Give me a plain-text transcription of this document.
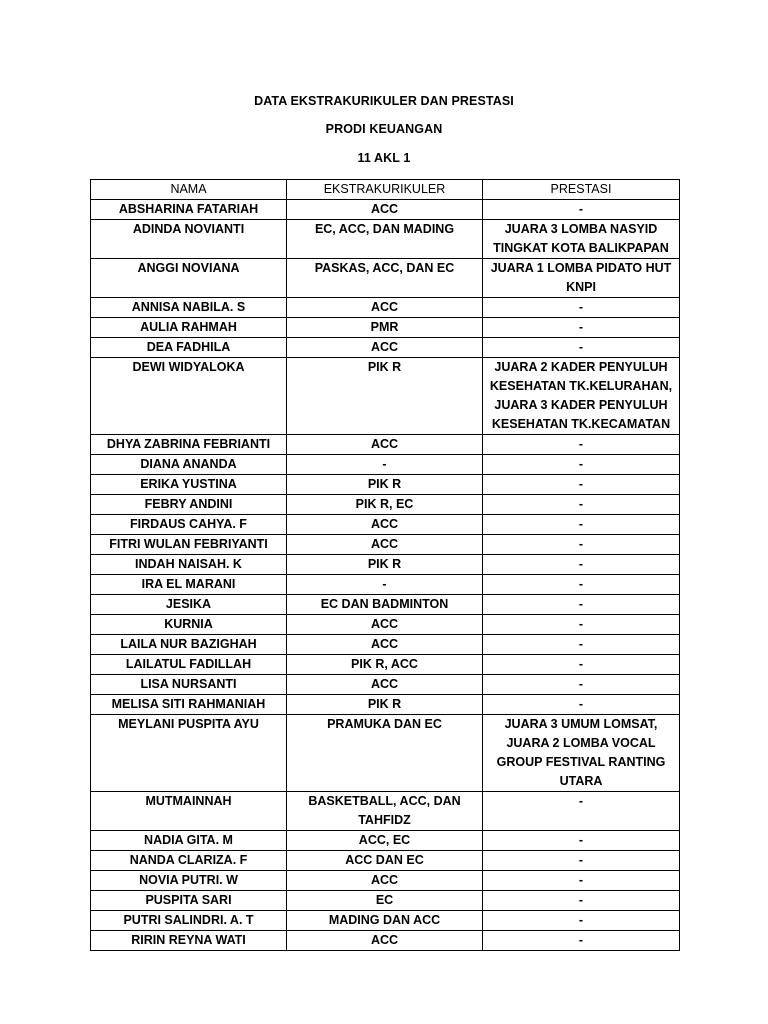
DATA EKSTRAKURIKULER DAN PRESTASI
PRODI KEUANGAN
11 AKL 1
NAMA	EKSTRAKURIKULER	PRESTASI
ABSHARINA FATARIAH	ACC	-
ADINDA NOVIANTI	EC, ACC, DAN MADING	JUARA 3 LOMBA NASYID TINGKAT KOTA BALIKPAPAN
ANGGI NOVIANA	PASKAS, ACC, DAN EC	JUARA 1 LOMBA PIDATO HUT KNPI
ANNISA NABILA. S	ACC	-
AULIA RAHMAH	PMR	-
DEA FADHILA	ACC	-
DEWI WIDYALOKA	PIK R	JUARA 2 KADER PENYULUH KESEHATAN TK.KELURAHAN, JUARA 3 KADER PENYULUH KESEHATAN TK.KECAMATAN
DHYA ZABRINA FEBRIANTI	ACC	-
DIANA ANANDA	-	-
ERIKA YUSTINA	PIK R	-
FEBRY ANDINI	PIK R, EC	-
FIRDAUS CAHYA. F	ACC	-
FITRI WULAN FEBRIYANTI	ACC	-
INDAH NAISAH. K	PIK R	-
IRA EL MARANI	-	-
JESIKA	EC DAN BADMINTON	-
KURNIA	ACC	-
LAILA NUR BAZIGHAH	ACC	-
LAILATUL FADILLAH	PIK R, ACC	-
LISA NURSANTI	ACC	-
MELISA SITI RAHMANIAH	PIK R	-
MEYLANI PUSPITA AYU	PRAMUKA DAN EC	JUARA 3 UMUM LOMSAT, JUARA 2 LOMBA VOCAL GROUP FESTIVAL RANTING UTARA
MUTMAINNAH	BASKETBALL, ACC, DAN TAHFIDZ	-
NADIA GITA. M	ACC, EC	-
NANDA CLARIZA. F	ACC DAN EC	-
NOVIA PUTRI. W	ACC	-
PUSPITA SARI	EC	-
PUTRI SALINDRI. A. T	MADING DAN ACC	-
RIRIN REYNA WATI	ACC	-
